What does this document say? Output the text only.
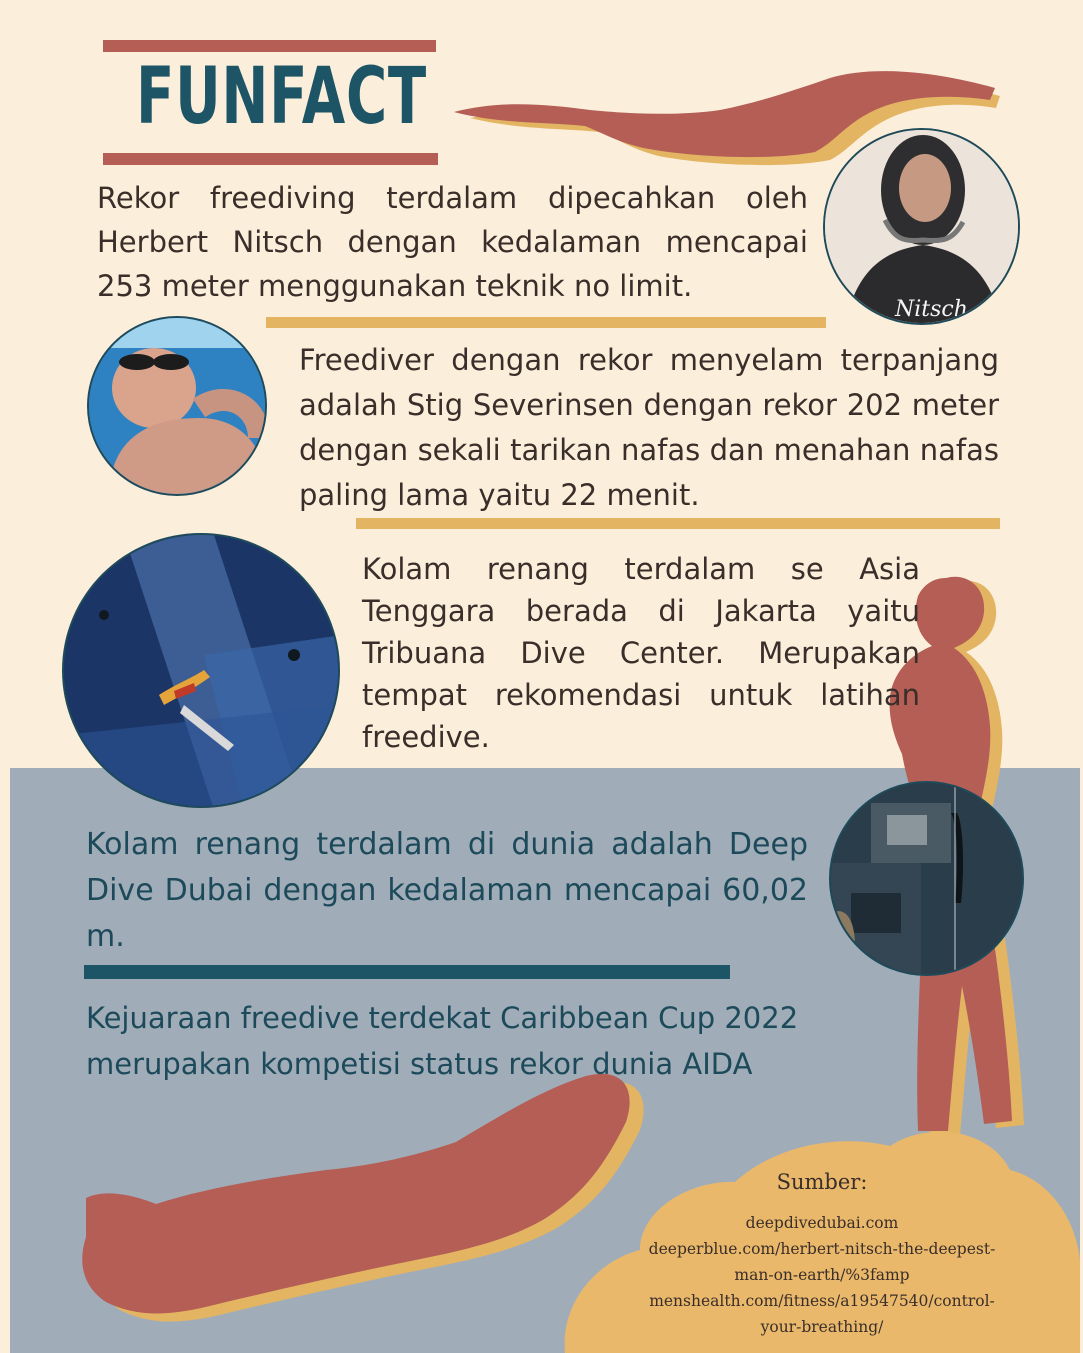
FUNFACT

Rekor freediving terdalam dipecahkan oleh Herbert Nitsch dengan kedalaman mencapai 253 meter menggunakan teknik no limit.

Nitsch

Freediver dengan rekor menyelam terpanjang adalah Stig Severinsen dengan rekor 202 meter dengan sekali tarikan nafas dan menahan nafas paling lama yaitu 22 menit.

Kolam renang terdalam se Asia Tenggara berada di Jakarta yaitu Tribuana Dive Center. Merupakan tempat rekomendasi untuk latihan freedive.

Kolam renang terdalam di dunia adalah Deep Dive Dubai dengan kedalaman mencapai 60,02 m.

Kejuaraan freedive terdekat Caribbean Cup 2022 merupakan kompetisi status rekor dunia AIDA

Sumber:
deepdivedubai.com
deeperblue.com/herbert-nitsch-the-deepest-
man-on-earth/%3famp
menshealth.com/fitness/a19547540/control-
your-breathing/
